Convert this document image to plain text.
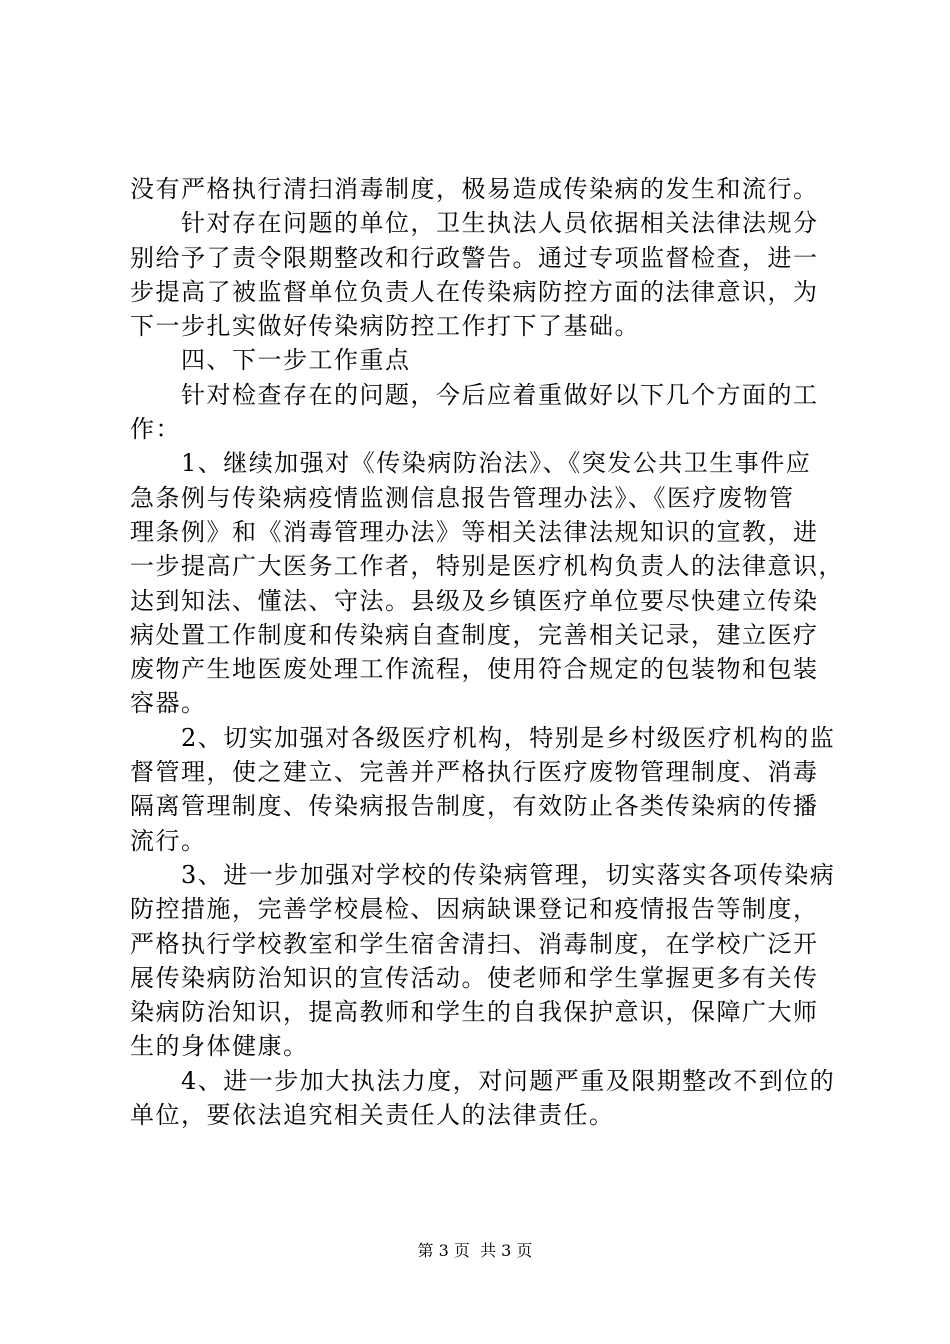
没有严格执行清扫消毒制度，极易造成传染病的发生和流行。
　　针对存在问题的单位，卫生执法人员依据相关法律法规分
别给予了责令限期整改和行政警告。通过专项监督检查，进一
步提高了被监督单位负责人在传染病防控方面的法律意识，为
下一步扎实做好传染病防控工作打下了基础。
　　四、下一步工作重点
　　针对检查存在的问题，今后应着重做好以下几个方面的工
作：
　　1、继续加强对《传染病防治法》、《突发公共卫生事件应
急条例与传染病疫情监测信息报告管理办法》、《医疗废物管
理条例》和《消毒管理办法》等相关法律法规知识的宣教，进
一步提高广大医务工作者，特别是医疗机构负责人的法律意识，
达到知法、懂法、守法。县级及乡镇医疗单位要尽快建立传染
病处置工作制度和传染病自查制度，完善相关记录，建立医疗
废物产生地医废处理工作流程，使用符合规定的包装物和包装
容器。
　　2、切实加强对各级医疗机构，特别是乡村级医疗机构的监
督管理，使之建立、完善并严格执行医疗废物管理制度、消毒
隔离管理制度、传染病报告制度，有效防止各类传染病的传播
流行。
　　3、进一步加强对学校的传染病管理，切实落实各项传染病
防控措施，完善学校晨检、因病缺课登记和疫情报告等制度，
严格执行学校教室和学生宿舍清扫、消毒制度，在学校广泛开
展传染病防治知识的宣传活动。使老师和学生掌握更多有关传
染病防治知识，提高教师和学生的自我保护意识，保障广大师
生的身体健康。
　　4、进一步加大执法力度，对问题严重及限期整改不到位的
单位，要依法追究相关责任人的法律责任。
第 3 页  共 3 页
